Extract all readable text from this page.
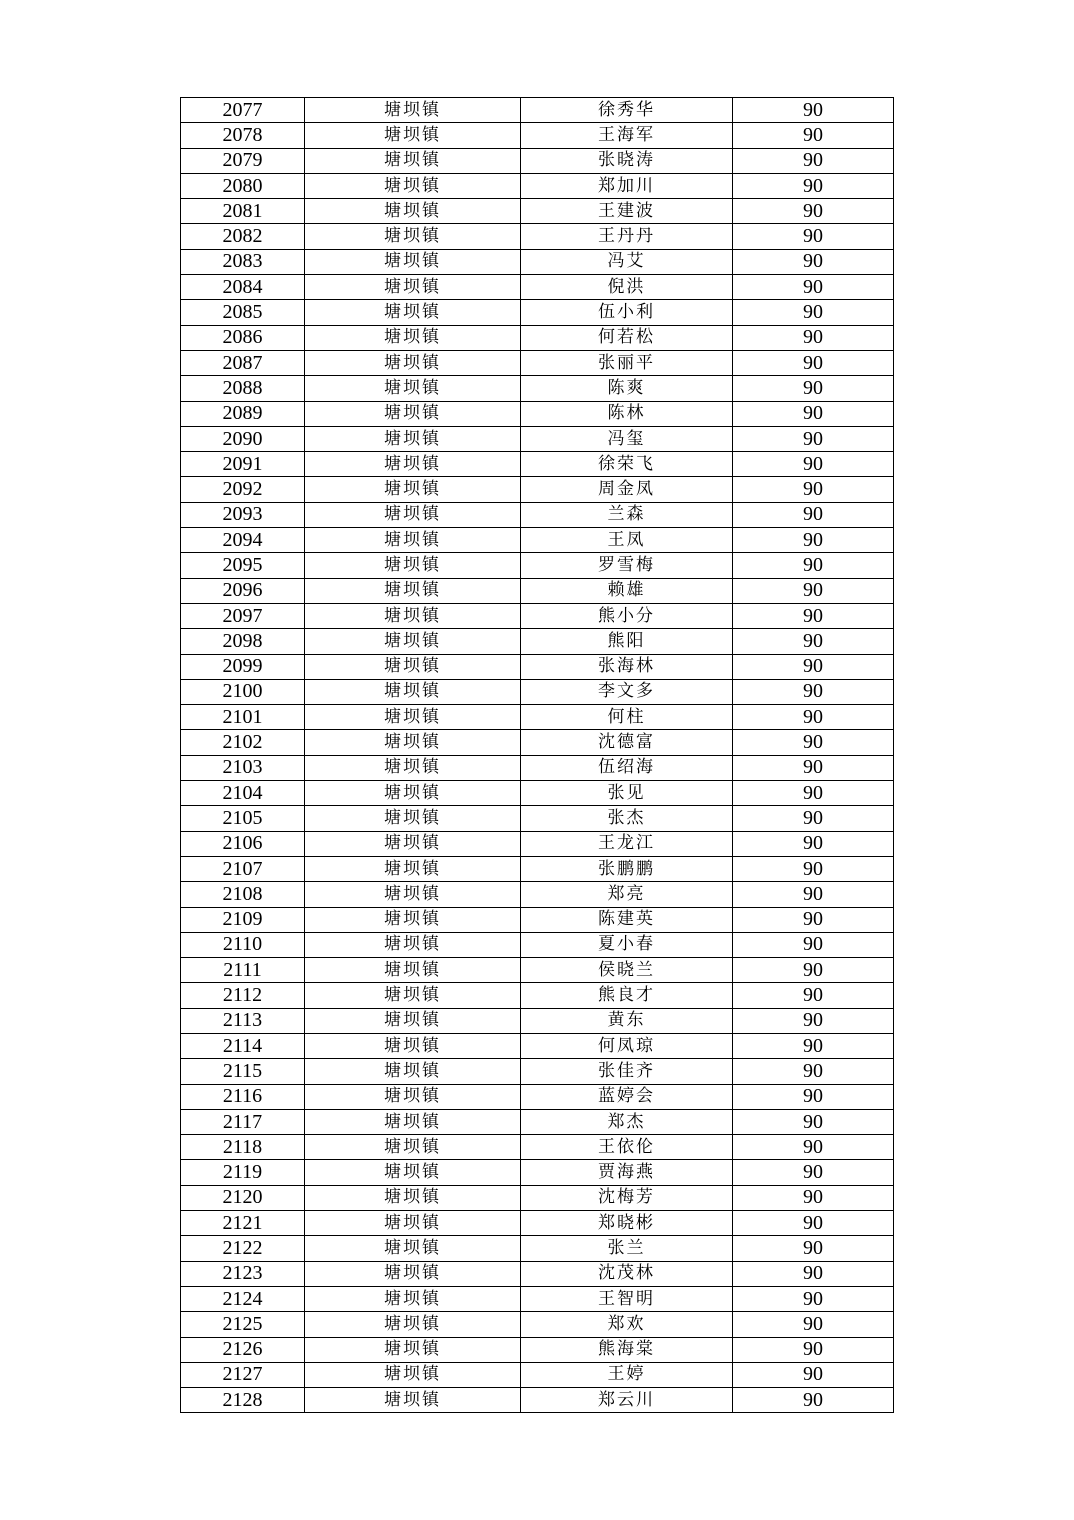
2077	塘坝镇	徐秀华	90
2078	塘坝镇	王海军	90
2079	塘坝镇	张晓涛	90
2080	塘坝镇	郑加川	90
2081	塘坝镇	王建波	90
2082	塘坝镇	王丹丹	90
2083	塘坝镇	冯艾	90
2084	塘坝镇	倪洪	90
2085	塘坝镇	伍小利	90
2086	塘坝镇	何若松	90
2087	塘坝镇	张丽平	90
2088	塘坝镇	陈爽	90
2089	塘坝镇	陈林	90
2090	塘坝镇	冯玺	90
2091	塘坝镇	徐荣飞	90
2092	塘坝镇	周金凤	90
2093	塘坝镇	兰森	90
2094	塘坝镇	王凤	90
2095	塘坝镇	罗雪梅	90
2096	塘坝镇	赖雄	90
2097	塘坝镇	熊小分	90
2098	塘坝镇	熊阳	90
2099	塘坝镇	张海林	90
2100	塘坝镇	李文多	90
2101	塘坝镇	何柱	90
2102	塘坝镇	沈德富	90
2103	塘坝镇	伍绍海	90
2104	塘坝镇	张见	90
2105	塘坝镇	张杰	90
2106	塘坝镇	王龙江	90
2107	塘坝镇	张鹏鹏	90
2108	塘坝镇	郑亮	90
2109	塘坝镇	陈建英	90
2110	塘坝镇	夏小春	90
2111	塘坝镇	侯晓兰	90
2112	塘坝镇	熊良才	90
2113	塘坝镇	黄东	90
2114	塘坝镇	何凤琼	90
2115	塘坝镇	张佳齐	90
2116	塘坝镇	蓝婷会	90
2117	塘坝镇	郑杰	90
2118	塘坝镇	王依伦	90
2119	塘坝镇	贾海燕	90
2120	塘坝镇	沈梅芳	90
2121	塘坝镇	郑晓彬	90
2122	塘坝镇	张兰	90
2123	塘坝镇	沈茂林	90
2124	塘坝镇	王智明	90
2125	塘坝镇	郑欢	90
2126	塘坝镇	熊海棠	90
2127	塘坝镇	王婷	90
2128	塘坝镇	郑云川	90
